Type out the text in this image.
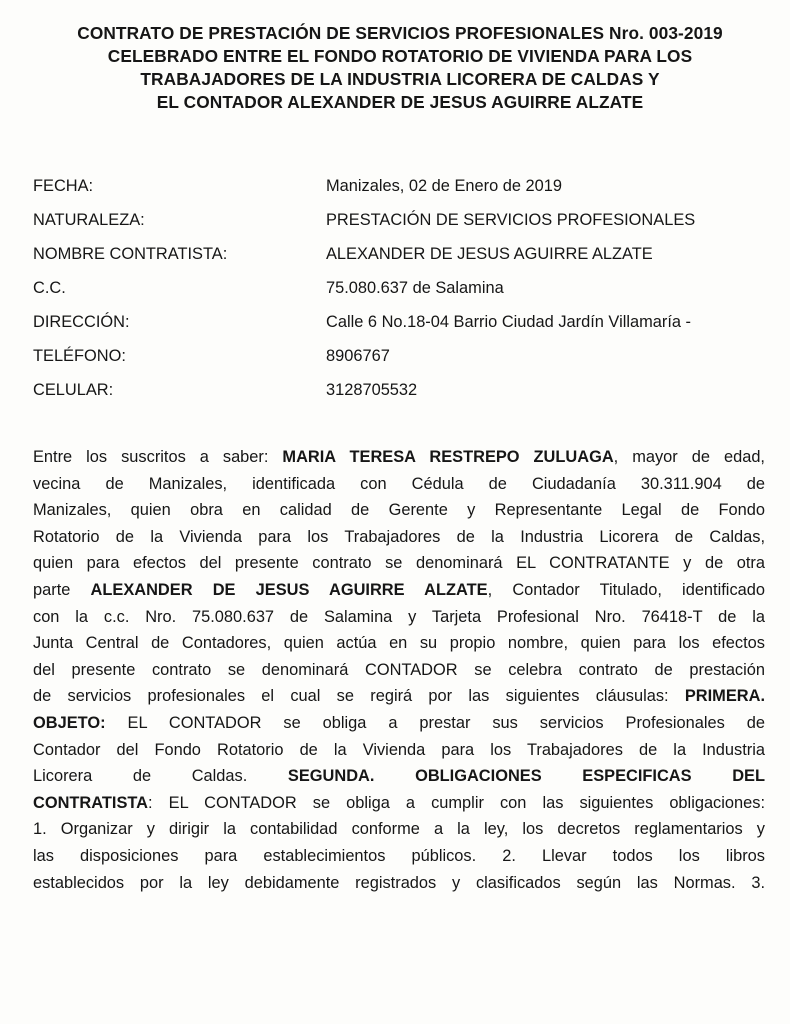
CONTRATO DE PRESTACIÓN DE SERVICIOS PROFESIONALES Nro. 003-2019
CELEBRADO ENTRE EL FONDO ROTATORIO DE VIVIENDA PARA LOS
TRABAJADORES DE LA INDUSTRIA LICORERA DE CALDAS Y
EL CONTADOR ALEXANDER DE JESUS AGUIRRE ALZATE
FECHA:	Manizales, 02 de Enero de 2019
NATURALEZA:	PRESTACIÓN DE SERVICIOS PROFESIONALES
NOMBRE CONTRATISTA:	ALEXANDER DE JESUS AGUIRRE ALZATE
C.C.	75.080.637 de Salamina
DIRECCIÓN:	Calle 6 No.18-04 Barrio Ciudad Jardín Villamaría -
TELÉFONO:	8906767
CELULAR:	3128705532
Entre los suscritos a saber: MARIA TERESA RESTREPO ZULUAGA, mayor de edad,
vecina de Manizales, identificada con Cédula de Ciudadanía 30.311.904 de
Manizales, quien obra en calidad de Gerente y Representante Legal de Fondo
Rotatorio de la Vivienda para los Trabajadores de la Industria Licorera de Caldas,
quien para efectos del presente contrato se denominará EL CONTRATANTE y de otra
parte ALEXANDER DE JESUS AGUIRRE ALZATE, Contador Titulado, identificado
con la c.c. Nro. 75.080.637 de Salamina y Tarjeta Profesional Nro. 76418-T de la
Junta Central de Contadores, quien actúa en su propio nombre, quien para los efectos
del presente contrato se denominará CONTADOR se celebra contrato de prestación
de servicios profesionales el cual se regirá por las siguientes cláusulas: PRIMERA.
OBJETO: EL CONTADOR se obliga a prestar sus servicios Profesionales de
Contador del Fondo Rotatorio de la Vivienda para los Trabajadores de la Industria
Licorera de Caldas. SEGUNDA. OBLIGACIONES ESPECIFICAS DEL
CONTRATISTA: EL CONTADOR se obliga a cumplir con las siguientes obligaciones:
1. Organizar y dirigir la contabilidad conforme a la ley, los decretos reglamentarios y
las disposiciones para establecimientos públicos. 2. Llevar todos los libros
establecidos por la ley debidamente registrados y clasificados según las Normas. 3.
